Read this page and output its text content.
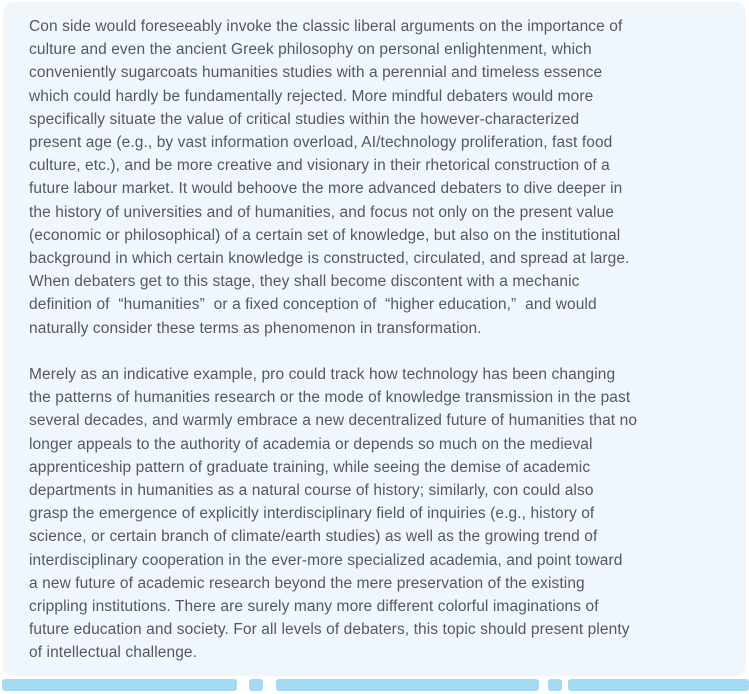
Con side would foreseeably invoke the classic liberal arguments on the importance of
culture and even the ancient Greek philosophy on personal enlightenment, which
conveniently sugarcoats humanities studies with a perennial and timeless essence
which could hardly be fundamentally rejected. More mindful debaters would more
specifically situate the value of critical studies within the however-characterized
present age (e.g., by vast information overload, AI/technology proliferation, fast food
culture, etc.), and be more creative and visionary in their rhetorical construction of a
future labour market. It would behoove the more advanced debaters to dive deeper in
the history of universities and of humanities, and focus not only on the present value
(economic or philosophical) of a certain set of knowledge, but also on the institutional
background in which certain knowledge is constructed, circulated, and spread at large.
When debaters get to this stage, they shall become discontent with a mechanic
definition of  “humanities”  or a fixed conception of  “higher education,”  and would
naturally consider these terms as phenomenon in transformation.
Merely as an indicative example, pro could track how technology has been changing
the patterns of humanities research or the mode of knowledge transmission in the past
several decades, and warmly embrace a new decentralized future of humanities that no
longer appeals to the authority of academia or depends so much on the medieval
apprenticeship pattern of graduate training, while seeing the demise of academic
departments in humanities as a natural course of history; similarly, con could also
grasp the emergence of explicitly interdisciplinary field of inquiries (e.g., history of
science, or certain branch of climate/earth studies) as well as the growing trend of
interdisciplinary cooperation in the ever-more specialized academia, and point toward
a new future of academic research beyond the mere preservation of the existing
crippling institutions. There are surely many more different colorful imaginations of
future education and society. For all levels of debaters, this topic should present plenty
of intellectual challenge.
